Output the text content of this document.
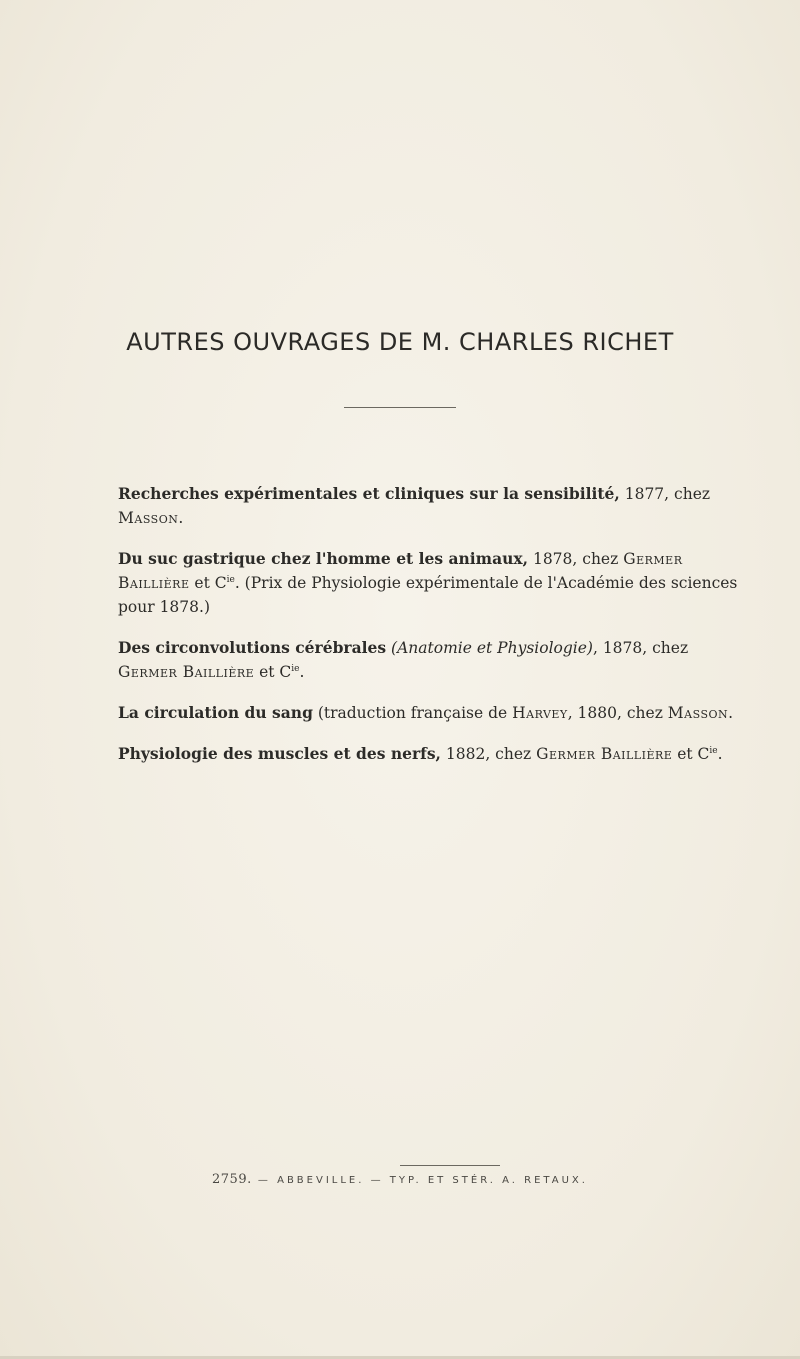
AUTRES OUVRAGES DE M. CHARLES RICHET
Recherches expérimentales et cliniques sur la sensibilité, 1877, chez Masson.
Du suc gastrique chez l'homme et les animaux, 1878, chez Germer Baillière et $C^{ie}$. (Prix de Physiologie expérimentale de l'Académie des sciences pour 1878.)
Des circonvolutions cérébrales (Anatomie et Physiologie), 1878, chez Germer Baillière et $C^{ie}$.
La circulation du sang (traduction française de Harvey, 1880, chez Masson.
Physiologie des muscles et des nerfs, 1882, chez Germer Baillière et $C^{ie}$.
2759. — ABBEVILLE. — TYP. ET STÉR. A. RETAUX.
